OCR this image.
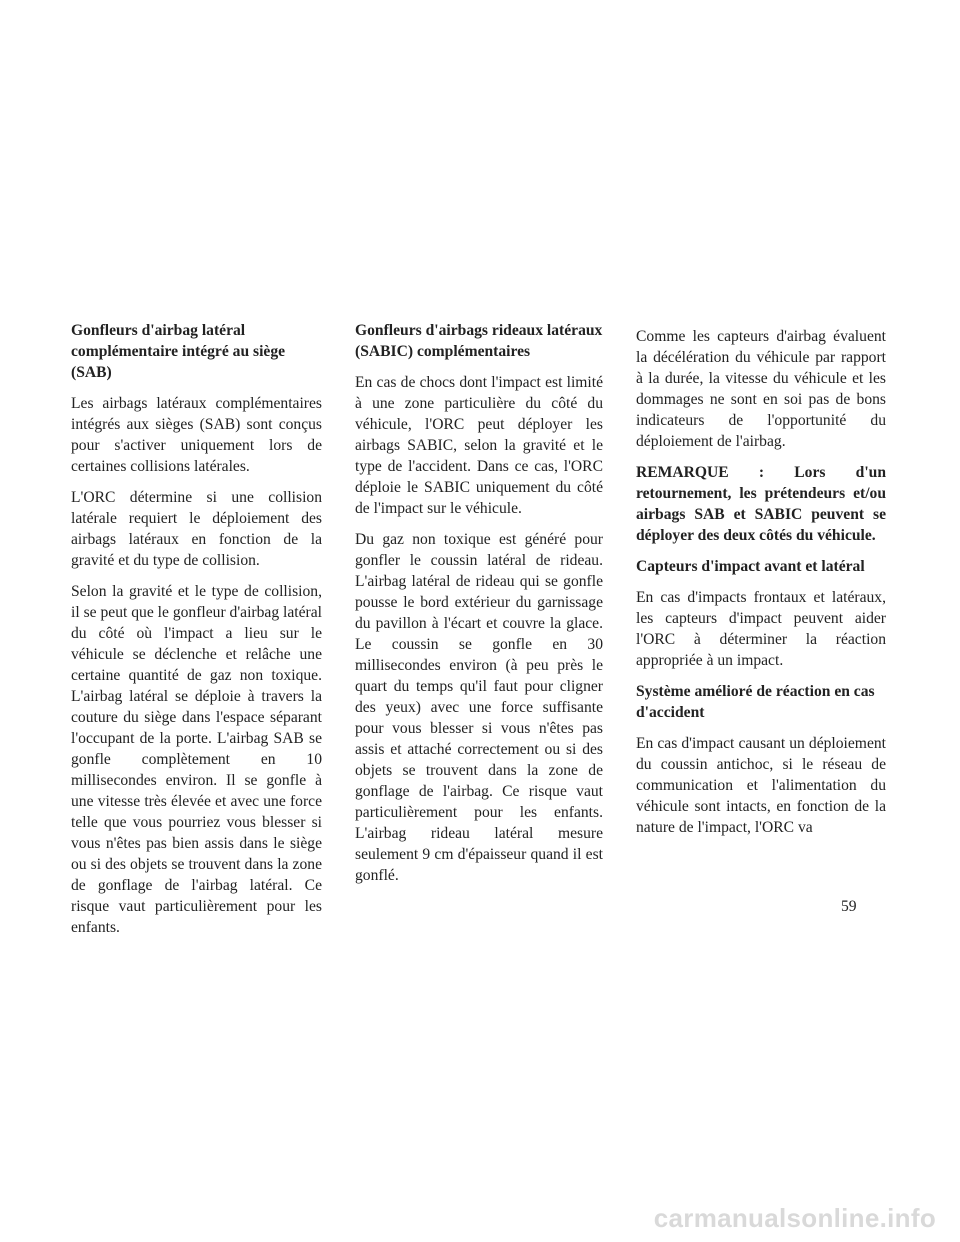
Gonfleurs d'airbag latéral complémentaire intégré au siège (SAB)

Les airbags latéraux complémentaires intégrés aux sièges (SAB) sont conçus pour s'activer uniquement lors de certaines collisions latérales.

L'ORC détermine si une collision latérale requiert le déploiement des airbags latéraux en fonction de la gravité et du type de collision.

Selon la gravité et le type de collision, il se peut que le gonfleur d'airbag latéral du côté où l'impact a lieu sur le véhicule se déclenche et relâche une certaine quantité de gaz non toxique. L'airbag latéral se déploie à travers la couture du siège dans l'espace séparant l'occupant de la porte. L'airbag SAB se gonfle complètement en 10 millisecondes environ. Il se gonfle à une vitesse très élevée et avec une force telle que vous pourriez vous blesser si vous n'êtes pas bien assis dans le siège ou si des objets se trouvent dans la zone de gonflage de l'airbag latéral. Ce risque vaut particulièrement pour les enfants.

Gonfleurs d'airbags rideaux latéraux (SABIC) complémentaires

En cas de chocs dont l'impact est limité à une zone particulière du côté du véhicule, l'ORC peut déployer les airbags SABIC, selon la gravité et le type de l'accident. Dans ce cas, l'ORC déploie le SABIC uniquement du côté de l'impact sur le véhicule.

Du gaz non toxique est généré pour gonfler le coussin latéral de rideau. L'airbag latéral de rideau qui se gonfle pousse le bord extérieur du garnissage du pavillon à l'écart et couvre la glace. Le coussin se gonfle en 30 millisecondes environ (à peu près le quart du temps qu'il faut pour cligner des yeux) avec une force suffisante pour vous blesser si vous n'êtes pas assis et attaché correctement ou si des objets se trouvent dans la zone de gonflage de l'airbag. Ce risque vaut particulièrement pour les enfants. L'airbag rideau latéral mesure seulement 9 cm d'épaisseur quand il est gonflé.

Comme les capteurs d'airbag évaluent la décélération du véhicule par rapport à la durée, la vitesse du véhicule et les dommages ne sont en soi pas de bons indicateurs de l'opportunité du déploiement de l'airbag.

REMARQUE : Lors d'un retournement, les prétendeurs et/ou airbags SAB et SABIC peuvent se déployer des deux côtés du véhicule.

Capteurs d'impact avant et latéral

En cas d'impacts frontaux et latéraux, les capteurs d'impact peuvent aider l'ORC à déterminer la réaction appropriée à un impact.

Système amélioré de réaction en cas d'accident

En cas d'impact causant un déploiement du coussin antichoc, si le réseau de communication et l'alimentation du véhicule sont intacts, en fonction de la nature de l'impact, l'ORC va

59
carmanualsonline.info
